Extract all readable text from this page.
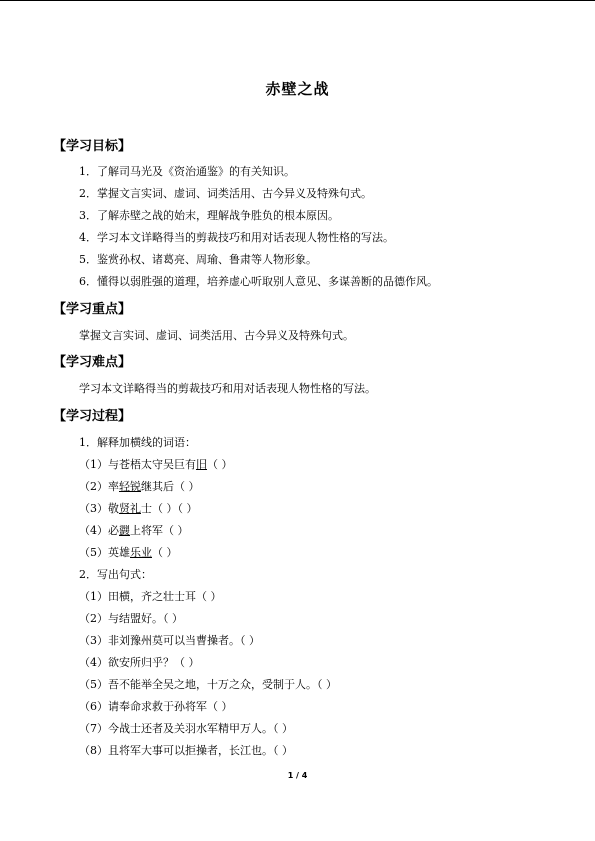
赤壁之战
【学习目标】
1．了解司马光及《资治通鉴》的有关知识。
2．掌握文言实词、虚词、词类活用、古今异义及特殊句式。
3．了解赤壁之战的始末，理解战争胜负的根本原因。
4．学习本文详略得当的剪裁技巧和用对话表现人物性格的写法。
5．鉴赏孙权、诸葛亮、周瑜、鲁肃等人物形象。
6．懂得以弱胜强的道理，培养虚心听取别人意见、多谋善断的品德作风。
【学习重点】
掌握文言实词、虚词、词类活用、古今异义及特殊句式。
【学习难点】
学习本文详略得当的剪裁技巧和用对话表现人物性格的写法。
【学习过程】
1．解释加横线的词语：
（1）与苍梧太守吴巨有旧（ ）
（2）率轻锐继其后（ ）
（3）敬贤礼士（ ）（ ）
（4）必鼝上将军（ ）
（5）英雄乐业（ ）
2．写出句式：
（1）田横，齐之壮士耳（ ）
（2）与结盟好。（ ）
（3）非刘豫州莫可以当曹操者。（ ）
（4）欲安所归乎？（ ）
（5）吾不能举全吴之地，十万之众，受制于人。（ ）
（6）请奉命求救于孙将军（ ）
（7）今战士还者及关羽水军精甲万人。（ ）
（8）且将军大事可以拒操者，长江也。（ ）
1 / 4
